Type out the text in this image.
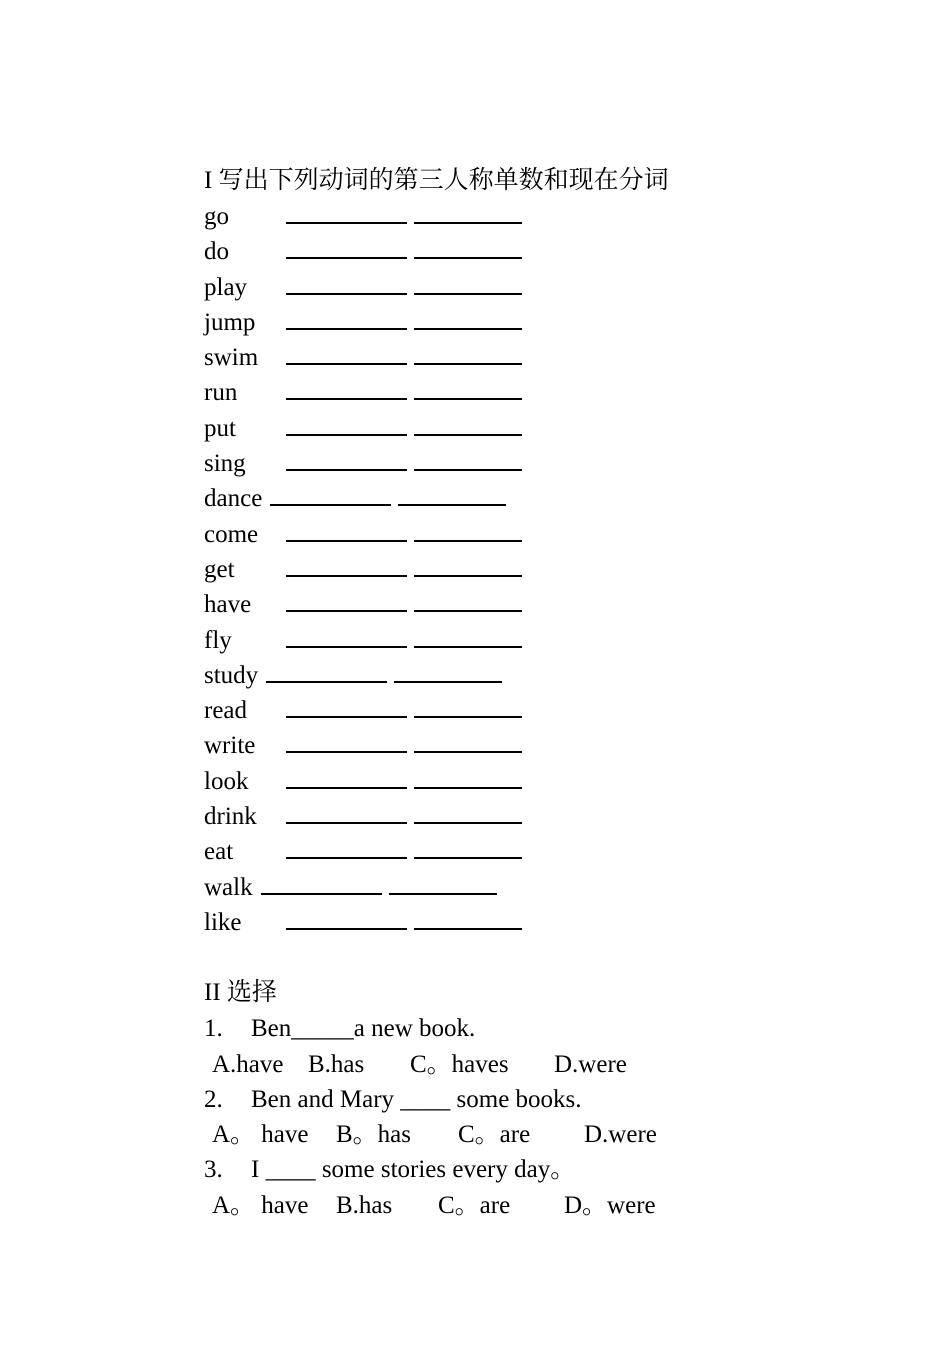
I 写出下列动词的第三人称单数和现在分词
go
do
play
jump
swim
run
put
sing
dance
come
get
have
fly
study
read
write
look
drink
eat
walk
like
II 选择
1. Ben_____a new book.
A.have B.has C。haves D.were
2. Ben and Mary ____ some books.
A。 have B。has C。are D.were
3. I ____ some stories every day。
A。 have B.has C。are D。were
